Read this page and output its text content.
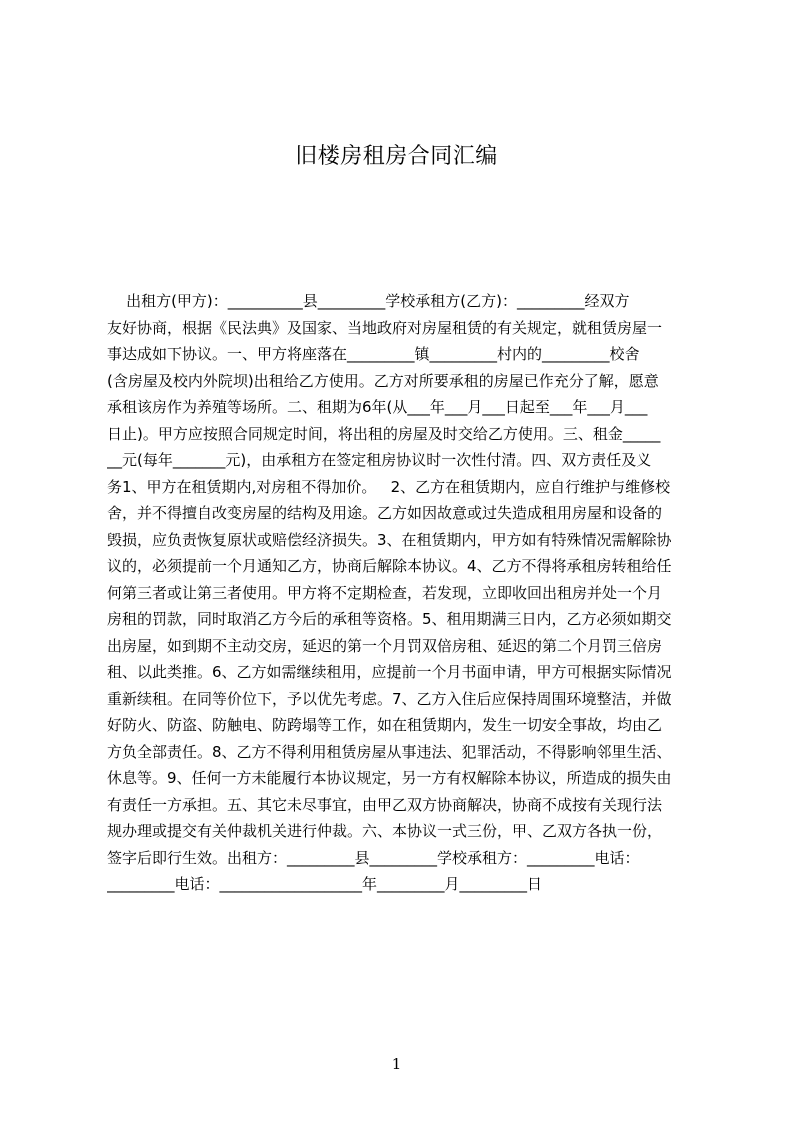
旧楼房租房合同汇编
出租方(甲方)：__________县_________学校承租方(乙方)：_________经双方
友好协商，根据《民法典》及国家、当地政府对房屋租赁的有关规定，就租赁房屋一
事达成如下协议。一、甲方将座落在_________镇_________村内的_________校舍
(含房屋及校内外院坝)出租给乙方使用。乙方对所要承租的房屋已作充分了解，愿意
承租该房作为养殖等场所。二、租期为6年(从___年___月___日起至___年___月___
日止)。甲方应按照合同规定时间，将出租的房屋及时交给乙方使用。三、租金_____
__元(每年_______元)，由承租方在签定租房协议时一次性付清。四、双方责任及义
务1、甲方在租赁期内,对房租不得加价。   2、乙方在租赁期内，应自行维护与维修校
舍，并不得擅自改变房屋的结构及用途。乙方如因故意或过失造成租用房屋和设备的
毁损，应负责恢复原状或赔偿经济损失。3、在租赁期内，甲方如有特殊情况需解除协
议的，必须提前一个月通知乙方，协商后解除本协议。4、乙方不得将承租房转租给任
何第三者或让第三者使用。甲方将不定期检查，若发现，立即收回出租房并处一个月
房租的罚款，同时取消乙方今后的承租等资格。5、租用期满三日内，乙方必须如期交
出房屋，如到期不主动交房，延迟的第一个月罚双倍房租、延迟的第二个月罚三倍房
租、以此类推。6、乙方如需继续租用，应提前一个月书面申请，甲方可根据实际情况
重新续租。在同等价位下，予以优先考虑。7、乙方入住后应保持周围环境整洁，并做
好防火、防盗、防触电、防跨塌等工作，如在租赁期内，发生一切安全事故，均由乙
方负全部责任。8、乙方不得利用租赁房屋从事违法、犯罪活动，不得影响邻里生活、
休息等。9、任何一方未能履行本协议规定，另一方有权解除本协议，所造成的损失由
有责任一方承担。五、其它未尽事宜，由甲乙双方协商解决，协商不成按有关现行法
规办理或提交有关仲裁机关进行仲裁。六、本协议一式三份，甲、乙双方各执一份，
签字后即行生效。出租方：_________县_________学校承租方：_________电话：
_________电话：___________________年_________月_________日
1
